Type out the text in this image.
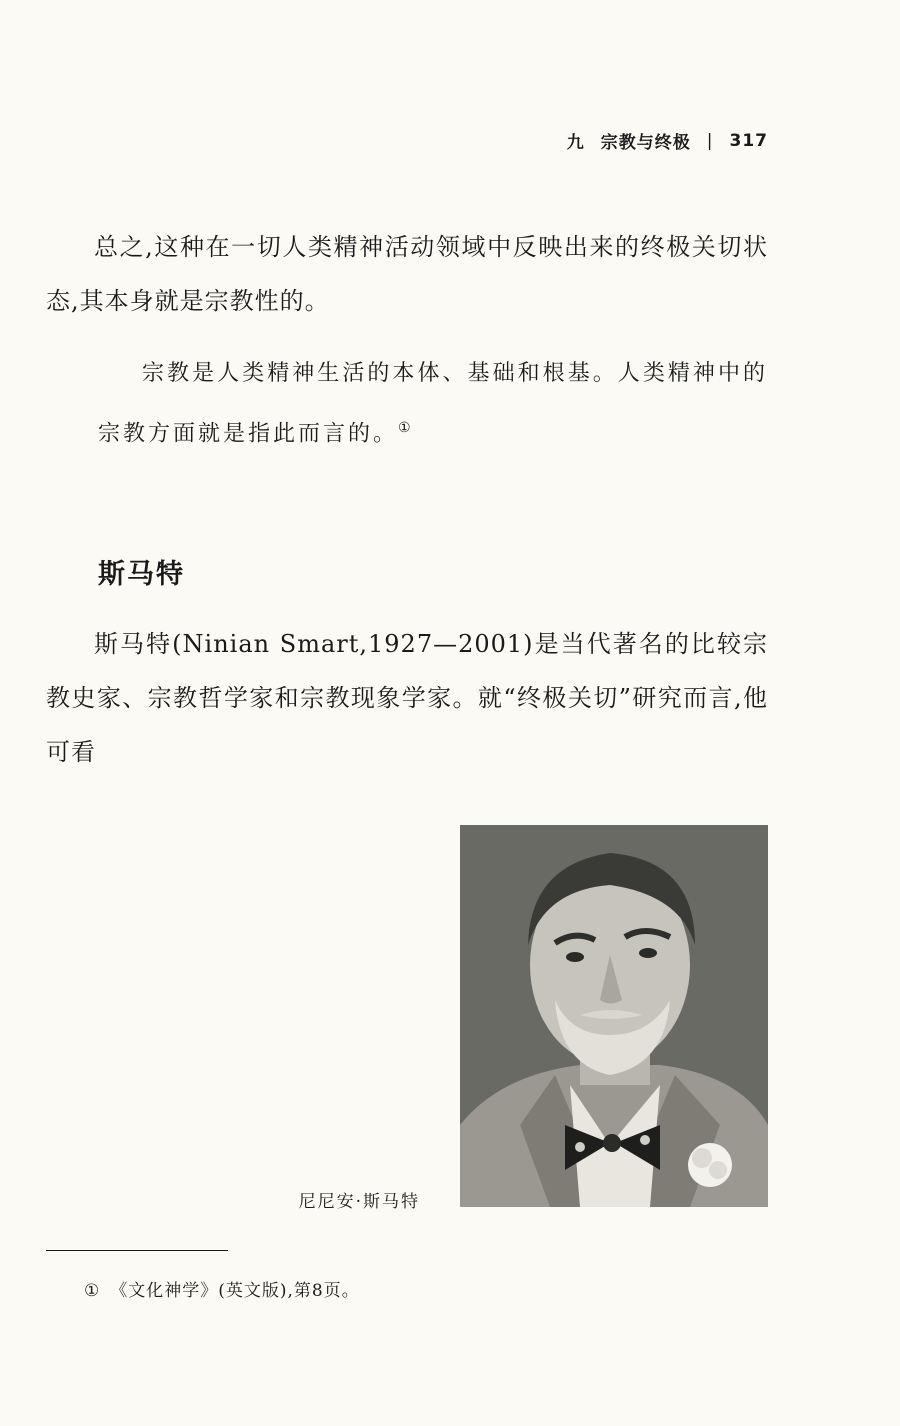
九 宗教与终极 | 317
总之,这种在一切人类精神活动领域中反映出来的终极关切状态,其本身就是宗教性的。
宗教是人类精神生活的本体、基础和根基。人类精神中的宗教方面就是指此而言的。①
斯马特
斯马特(Ninian Smart,1927—2001)是当代著名的比较宗教史家、宗教哲学家和宗教现象学家。就“终极关切”研究而言,他可看
尼尼安·斯马特
① 《文化神学》(英文版),第8页。
